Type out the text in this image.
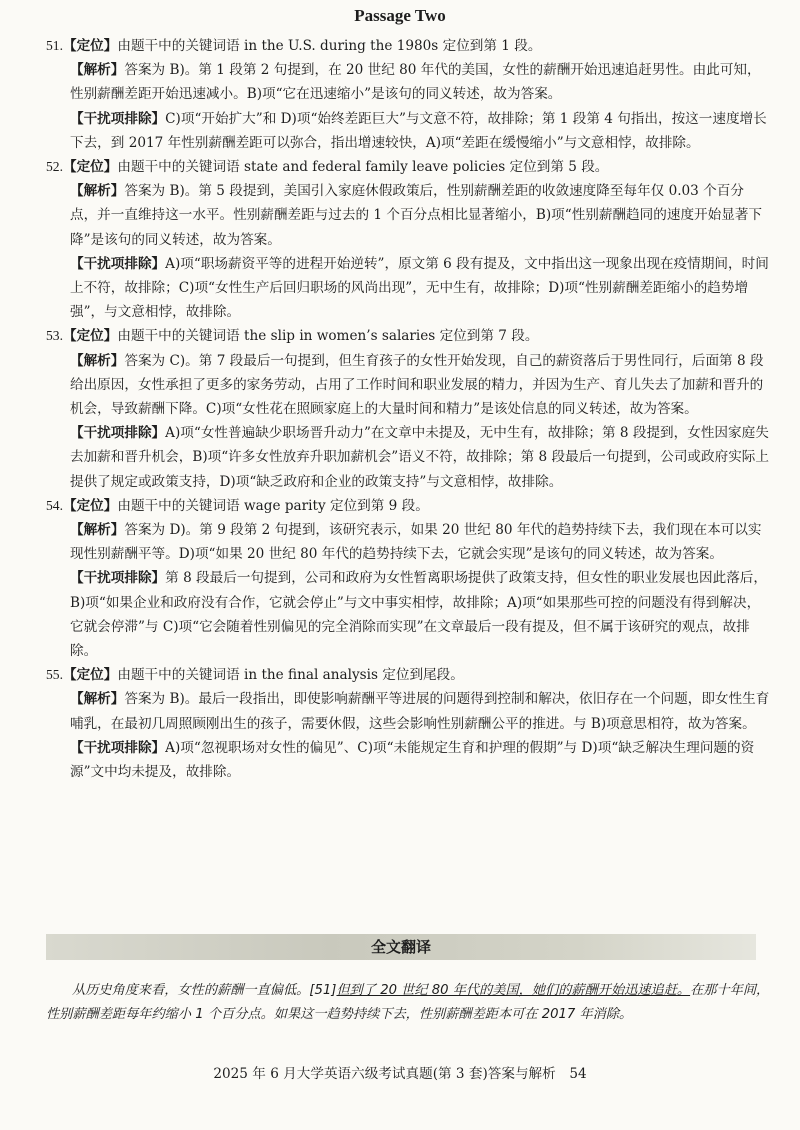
Passage Two

51.【定位】由题干中的关键词语 in the U.S. during the 1980s 定位到第 1 段。

【解析】答案为 B)。第 1 段第 2 句提到，在 20 世纪 80 年代的美国，女性的薪酬开始迅速追赶男性。由此可知，性别薪酬差距开始迅速减小。B)项“它在迅速缩小”是该句的同义转述，故为答案。

【干扰项排除】C)项“开始扩大”和 D)项“始终差距巨大”与文意不符，故排除；第 1 段第 4 句指出，按这一速度增长下去，到 2017 年性别薪酬差距可以弥合，指出增速较快，A)项“差距在缓慢缩小”与文意相悖，故排除。

52.【定位】由题干中的关键词语 state and federal family leave policies 定位到第 5 段。

【解析】答案为 B)。第 5 段提到，美国引入家庭休假政策后，性别薪酬差距的收敛速度降至每年仅 0.03 个百分点，并一直维持这一水平。性别薪酬差距与过去的 1 个百分点相比显著缩小，B)项“性别薪酬趋同的速度开始显著下降”是该句的同义转述，故为答案。

【干扰项排除】A)项“职场薪资平等的进程开始逆转”，原文第 6 段有提及，文中指出这一现象出现在疫情期间，时间上不符，故排除；C)项“女性生产后回归职场的风尚出现”，无中生有，故排除；D)项“性别薪酬差距缩小的趋势增强”，与文意相悖，故排除。

53.【定位】由题干中的关键词语 the slip in women’s salaries 定位到第 7 段。

【解析】答案为 C)。第 7 段最后一句提到，但生育孩子的女性开始发现，自己的薪资落后于男性同行，后面第 8 段给出原因，女性承担了更多的家务劳动，占用了工作时间和职业发展的精力，并因为生产、育儿失去了加薪和晋升的机会，导致薪酬下降。C)项“女性花在照顾家庭上的大量时间和精力”是该处信息的同义转述，故为答案。

【干扰项排除】A)项“女性普遍缺少职场晋升动力”在文章中未提及，无中生有，故排除；第 8 段提到，女性因家庭失去加薪和晋升机会，B)项“许多女性放弃升职加薪机会”语义不符，故排除；第 8 段最后一句提到，公司或政府实际上提供了规定或政策支持，D)项“缺乏政府和企业的政策支持”与文意相悖，故排除。

54.【定位】由题干中的关键词语 wage parity 定位到第 9 段。

【解析】答案为 D)。第 9 段第 2 句提到，该研究表示，如果 20 世纪 80 年代的趋势持续下去，我们现在本可以实现性别薪酬平等。D)项“如果 20 世纪 80 年代的趋势持续下去，它就会实现”是该句的同义转述，故为答案。

【干扰项排除】第 8 段最后一句提到，公司和政府为女性暂离职场提供了政策支持，但女性的职业发展也因此落后，B)项“如果企业和政府没有合作，它就会停止”与文中事实相悖，故排除；A)项“如果那些可控的问题没有得到解决，它就会停滞”与 C)项“它会随着性别偏见的完全消除而实现”在文章最后一段有提及，但不属于该研究的观点，故排除。

55.【定位】由题干中的关键词语 in the final analysis 定位到尾段。

【解析】答案为 B)。最后一段指出，即使影响薪酬平等进展的问题得到控制和解决，依旧存在一个问题，即女性生育哺乳，在最初几周照顾刚出生的孩子，需要休假，这些会影响性别薪酬公平的推进。与 B)项意思相符，故为答案。

【干扰项排除】A)项“忽视职场对女性的偏见”、C)项“未能规定生育和护理的假期”与 D)项“缺乏解决生理问题的资源”文中均未提及，故排除。

全文翻译

从历史角度来看，女性的薪酬一直偏低。[51]但到了 20 世纪 80 年代的美国，她们的薪酬开始迅速追赶。在那十年间，性别薪酬差距每年约缩小 1 个百分点。如果这一趋势持续下去，性别薪酬差距本可在 2017 年消除。

2025 年 6 月大学英语六级考试真题(第 3 套)答案与解析　54
